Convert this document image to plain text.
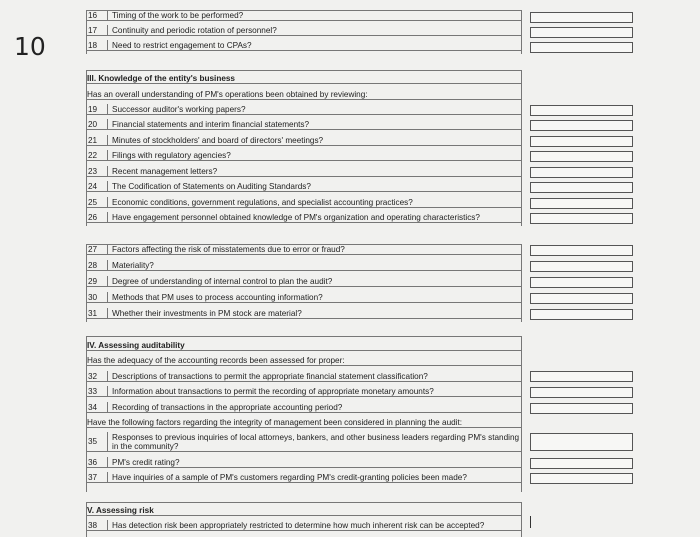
10
16	Timing of the work to be performed?
17	Continuity and periodic rotation of personnel?
18	Need to restrict engagement to CPAs?
III. Knowledge of the entity's business
Has an overall understanding of PM's operations been obtained by reviewing:
19	Successor auditor's working papers?
20	Financial statements and interim financial statements?
21	Minutes of stockholders' and board of directors' meetings?
22	Filings with regulatory agencies?
23	Recent management letters?
24	The Codification of Statements on Auditing Standards?
25	Economic conditions, government regulations, and specialist accounting practices?
26	Have engagement personnel obtained knowledge of PM's organization and operating characteristics?
27	Factors affecting the risk of misstatements due to error or fraud?
28	Materiality?
29	Degree of understanding of internal control to plan the audit?
30	Methods that PM uses to process accounting information?
31	Whether their investments in PM stock are material?
IV. Assessing auditability
Has the adequacy of the accounting records been assessed for proper:
32	Descriptions of transactions to permit the appropriate financial statement classification?
33	Information about transactions to permit the recording of appropriate monetary amounts?
34	Recording of transactions in the appropriate accounting period?
Have the following factors regarding the integrity of management been considered in planning the audit:
35	Responses to previous inquiries of local attorneys, bankers, and other business leaders regarding PM's standing in the community?
36	PM's credit rating?
37	Have inquiries of a sample of PM's customers regarding PM's credit-granting policies been made?
V. Assessing risk
38	Has detection risk been appropriately restricted to determine how much inherent risk can be accepted?
